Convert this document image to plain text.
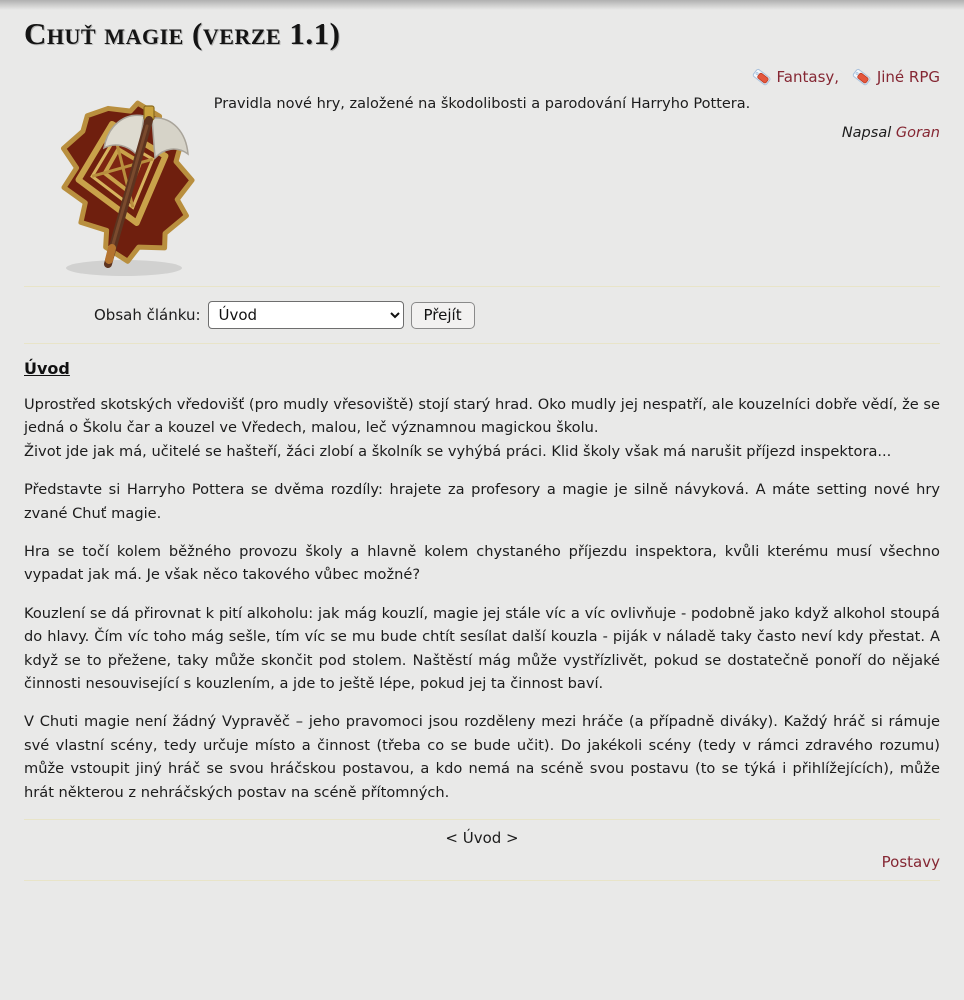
Chuť magie (verze 1.1)
Fantasy,	Jiné RPG

Pravidla nové hry, založené na škodolibosti a parodování Harryho Pottera.

Napsal Goran

Obsah článku:
Úvod	Přejít
Úvod

Uprostřed skotských vředovišť (pro mudly vřesoviště) stojí starý hrad. Oko mudly jej nespatří, ale kouzelníci dobře vědí, že se jedná o Školu čar a kouzel ve Vředech, malou, leč významnou magickou školu.
Život jde jak má, učitelé se hašteří, žáci zlobí a školník se vyhýbá práci. Klid školy však má narušit příjezd inspektora...

Představte si Harryho Pottera se dvěma rozdíly: hrajete za profesory a magie je silně návyková. A máte setting nové hry zvané Chuť magie.

Hra se točí kolem běžného provozu školy a hlavně kolem chystaného příjezdu inspektora, kvůli kterému musí všechno vypadat jak má. Je však něco takového vůbec možné?

Kouzlení se dá přirovnat k pití alkoholu: jak mág kouzlí, magie jej stále víc a víc ovlivňuje - podobně jako když alkohol stoupá do hlavy. Čím víc toho mág sešle, tím víc se mu bude chtít sesílat další kouzla - piják v náladě taky často neví kdy přestat. A když se to přežene, taky může skončit pod stolem. Naštěstí mág může vystřízlivět, pokud se dostatečně ponoří do nějaké činnosti nesouvisející s kouzlením, a jde to ještě lépe, pokud jej ta činnost baví.

V Chuti magie není žádný Vypravěč – jeho pravomoci jsou rozděleny mezi hráče (a případně diváky). Každý hráč si rámuje své vlastní scény, tedy určuje místo a činnost (třeba co se bude učit). Do jakékoli scény (tedy v rámci zdravého rozumu) může vstoupit jiný hráč se svou hráčskou postavou, a kdo nemá na scéně svou postavu (to se týká i přihlížejících), může hrát některou z nehráčských postav na scéně přítomných.

< Úvod >
Postavy
